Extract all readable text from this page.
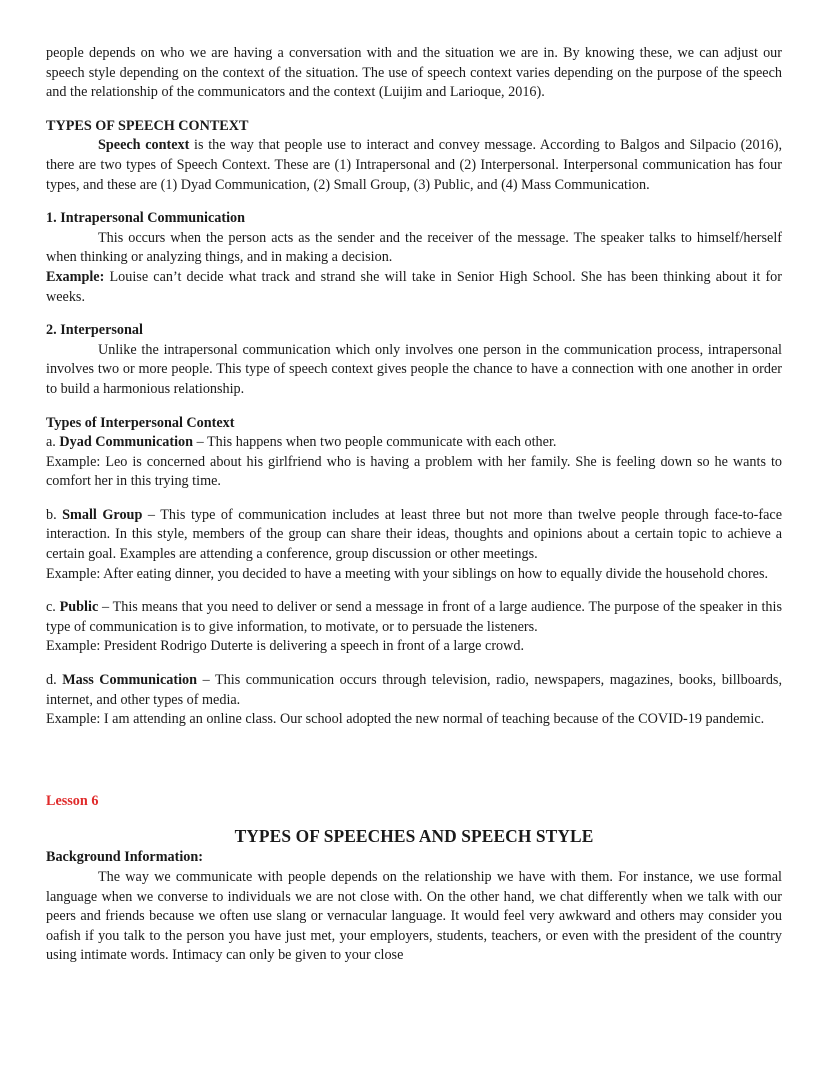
people depends on who we are having a conversation with and the situation we are in. By knowing these, we can adjust our speech style depending on the context of the situation. The use of speech context varies depending on the purpose of the speech and the relationship of the communicators and the context (Luijim and Larioque, 2016).

TYPES OF SPEECH CONTEXT

Speech context is the way that people use to interact and convey message. According to Balgos and Silpacio (2016), there are two types of Speech Context. These are (1) Intrapersonal and (2) Interpersonal. Interpersonal communication has four types, and these are (1) Dyad Communication, (2) Small Group, (3) Public, and (4) Mass Communication.

1. Intrapersonal Communication

This occurs when the person acts as the sender and the receiver of the message. The speaker talks to himself/herself when thinking or analyzing things, and in making a decision.

Example: Louise can’t decide what track and strand she will take in Senior High School. She has been thinking about it for weeks.

2. Interpersonal

Unlike the intrapersonal communication which only involves one person in the communication process, intrapersonal involves two or more people. This type of speech context gives people the chance to have a connection with one another in order to build a harmonious relationship.

Types of Interpersonal Context

a. Dyad Communication – This happens when two people communicate with each other.

Example: Leo is concerned about his girlfriend who is having a problem with her family. She is feeling down so he wants to comfort her in this trying time.

b. Small Group – This type of communication includes at least three but not more than twelve people through face-to-face interaction. In this style, members of the group can share their ideas, thoughts and opinions about a certain topic to achieve a certain goal. Examples are attending a conference, group discussion or other meetings.

Example: After eating dinner, you decided to have a meeting with your siblings on how to equally divide the household chores.

c. Public – This means that you need to deliver or send a message in front of a large audience. The purpose of the speaker in this type of communication is to give information, to motivate, or to persuade the listeners.

Example: President Rodrigo Duterte is delivering a speech in front of a large crowd.

d. Mass Communication – This communication occurs through television, radio, newspapers, magazines, books, billboards, internet, and other types of media.

Example: I am attending an online class. Our school adopted the new normal of teaching because of the COVID-19 pandemic.

Lesson 6
TYPES OF SPEECHES AND SPEECH STYLE
Background Information:

The way we communicate with people depends on the relationship we have with them. For instance, we use formal language when we converse to individuals we are not close with. On the other hand, we chat differently when we talk with our peers and friends because we often use slang or vernacular language. It would feel very awkward and others may consider you oafish if you talk to the person you have just met, your employers, students, teachers, or even with the president of the country using intimate words. Intimacy can only be given to your close
